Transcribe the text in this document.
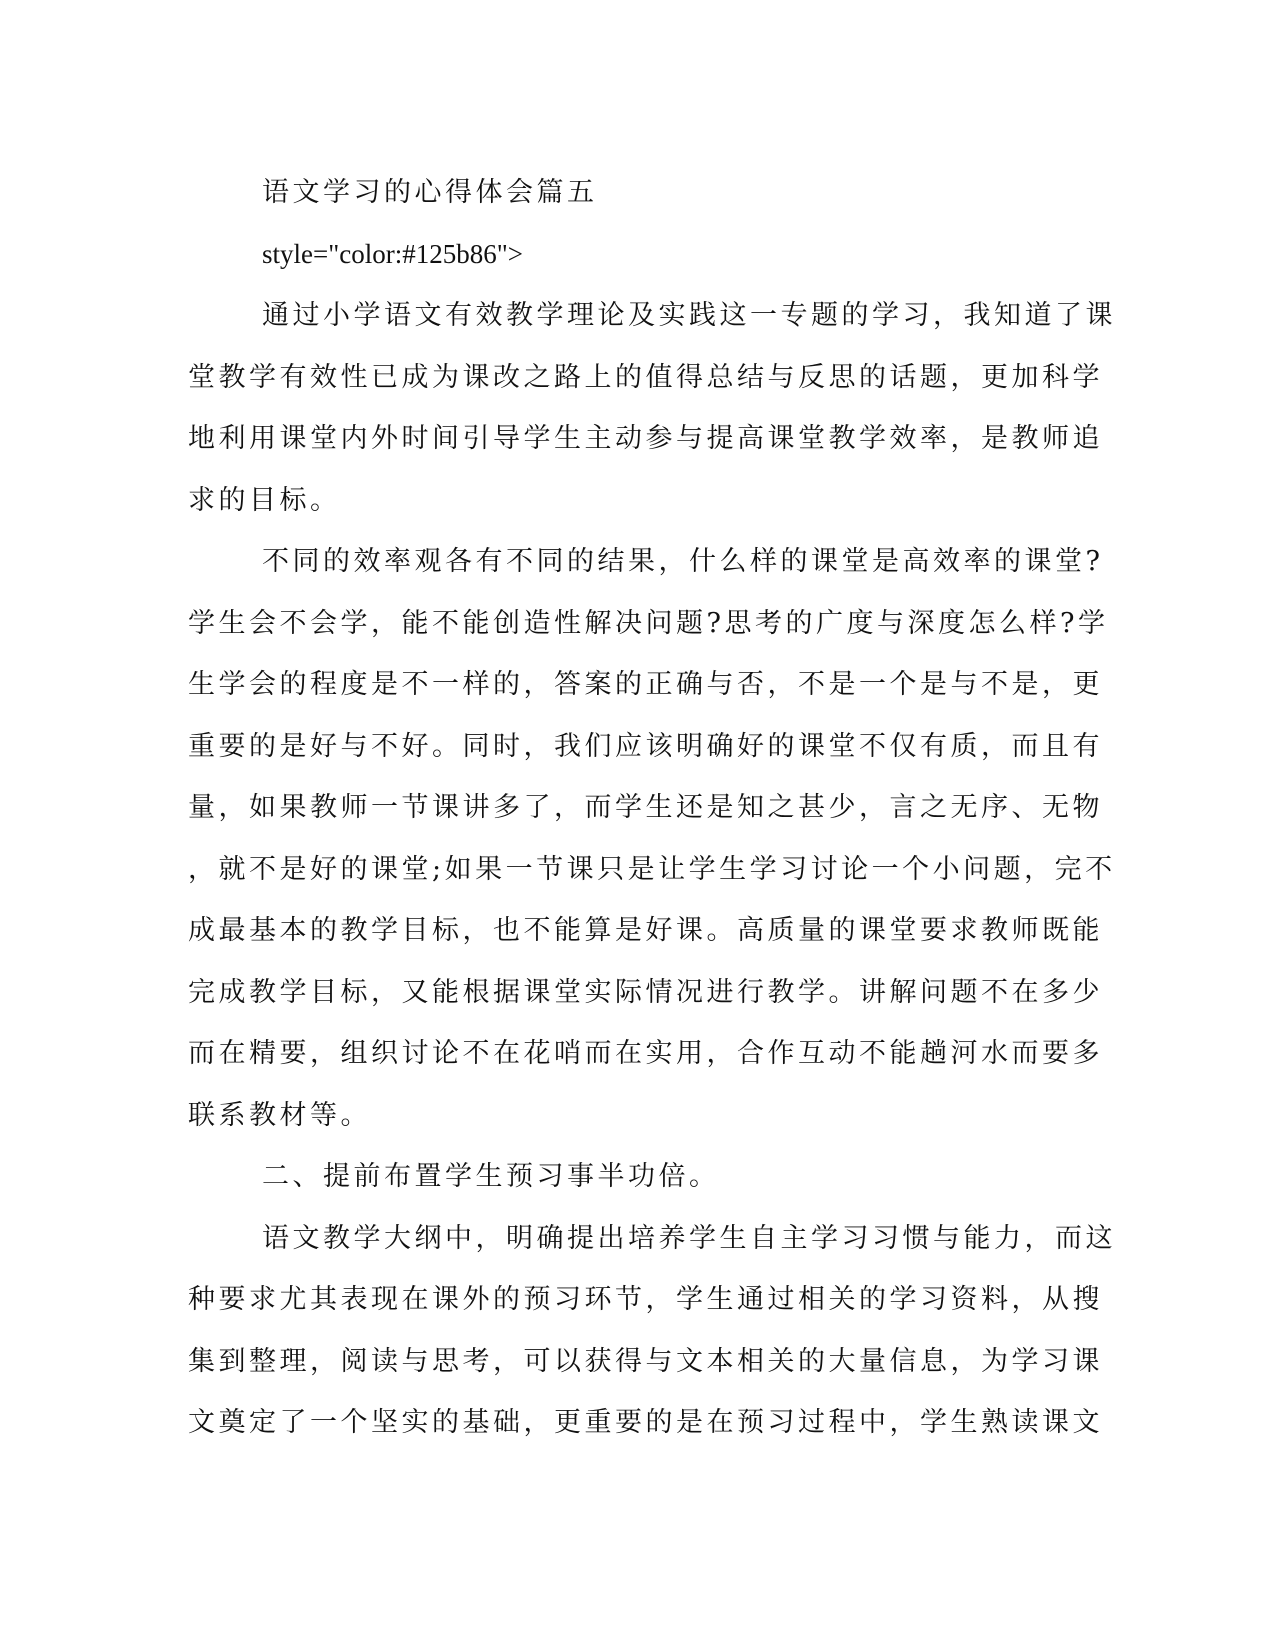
语文学习的心得体会篇五
style="color:#125b86">
通过小学语文有效教学理论及实践这一专题的学习，我知道了课
堂教学有效性已成为课改之路上的值得总结与反思的话题，更加科学
地利用课堂内外时间引导学生主动参与提高课堂教学效率，是教师追
求的目标。
不同的效率观各有不同的结果，什么样的课堂是高效率的课堂?
学生会不会学，能不能创造性解决问题?思考的广度与深度怎么样?学
生学会的程度是不一样的，答案的正确与否，不是一个是与不是，更
重要的是好与不好。同时，我们应该明确好的课堂不仅有质，而且有
量，如果教师一节课讲多了，而学生还是知之甚少，言之无序、无物
，就不是好的课堂;如果一节课只是让学生学习讨论一个小问题，完不
成最基本的教学目标，也不能算是好课。高质量的课堂要求教师既能
完成教学目标，又能根据课堂实际情况进行教学。讲解问题不在多少
而在精要，组织讨论不在花哨而在实用，合作互动不能趟河水而要多
联系教材等。
二、提前布置学生预习事半功倍。
语文教学大纲中，明确提出培养学生自主学习习惯与能力，而这
种要求尤其表现在课外的预习环节，学生通过相关的学习资料，从搜
集到整理，阅读与思考，可以获得与文本相关的大量信息，为学习课
文奠定了一个坚实的基础，更重要的是在预习过程中，学生熟读课文
